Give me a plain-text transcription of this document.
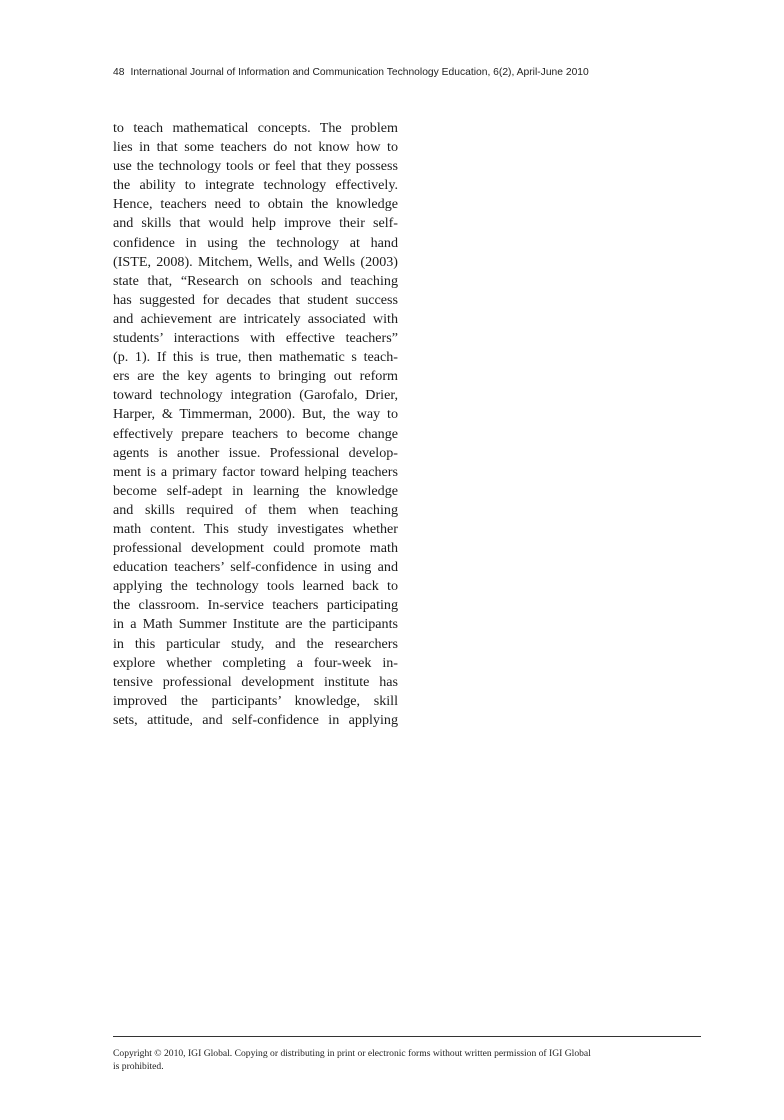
48 International Journal of Information and Communication Technology Education, 6(2), April-June 2010
to teach mathematical concepts. The problem
lies in that some teachers do not know how to
use the technology tools or feel that they possess
the ability to integrate technology effectively.
Hence, teachers need to obtain the knowledge
and skills that would help improve their self-
confidence in using the technology at hand
(ISTE, 2008). Mitchem, Wells, and Wells (2003)
state that, “Research on schools and teaching
has suggested for decades that student success
and achievement are intricately associated with
students’ interactions with effective teachers”
(p. 1). If this is true, then mathematic s teach-
ers are the key agents to bringing out reform
toward technology integration (Garofalo, Drier,
Harper, & Timmerman, 2000). But, the way to
effectively prepare teachers to become change
agents is another issue. Professional develop-
ment is a primary factor toward helping teachers
become self-adept in learning the knowledge
and skills required of them when teaching
math content. This study investigates whether
professional development could promote math
education teachers’ self-confidence in using and
applying the technology tools learned back to
the classroom. In-service teachers participating
in a Math Summer Institute are the participants
in this particular study, and the researchers
explore whether completing a four-week in-
tensive professional development institute has
improved the participants’ knowledge, skill
sets, attitude, and self-confidence in applying
Copyright © 2010, IGI Global. Copying or distributing in print or electronic forms without written permission of IGI Global
is prohibited.
